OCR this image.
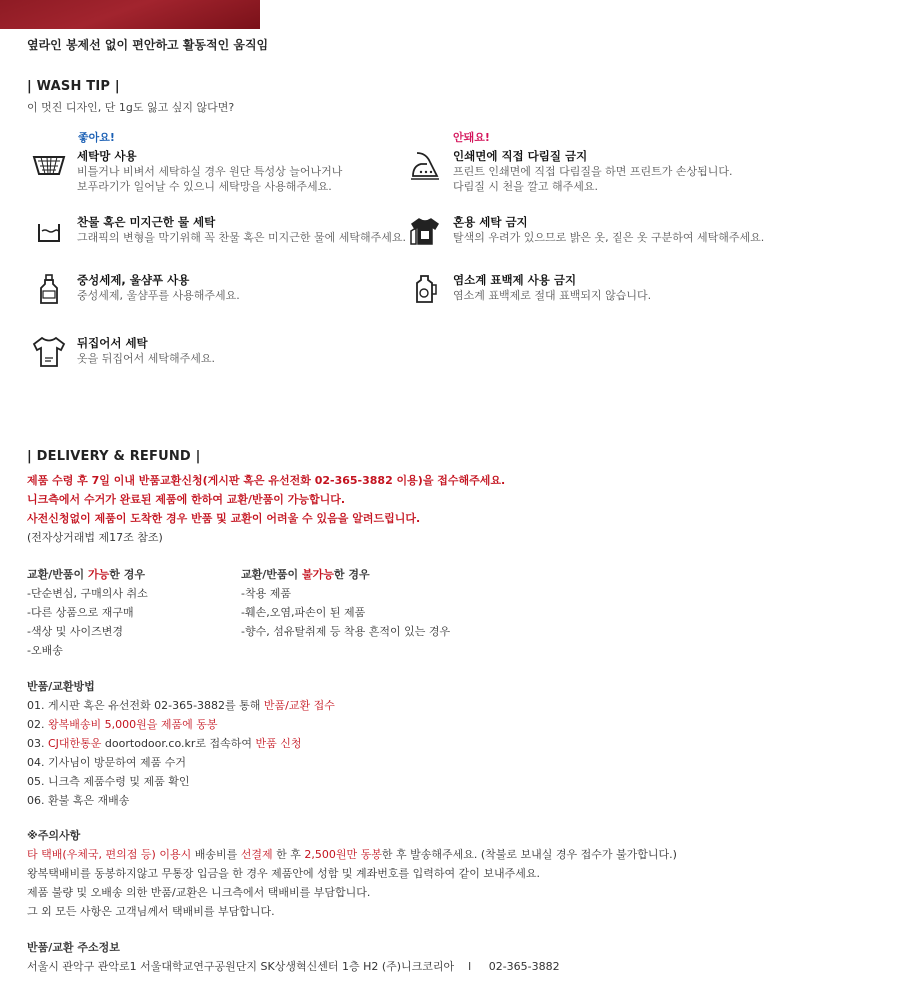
옆라인 봉제선 없이 편안하고 활동적인 움직임
| WASH TIP |
이 멋진 디자인, 단 1g도 잃고 싶지 않다면?
좋아요!	안돼요!
세탁망 사용
비틀거나 비벼서 세탁하실 경우 원단 특성상 늘어나거나
보푸라기가 일어날 수 있으니 세탁망을 사용해주세요.
찬물 혹은 미지근한 물 세탁
그래픽의 변형을 막기위해 꼭 찬물 혹은 미지근한 물에 세탁해주세요.
중성세제, 울샴푸 사용
중성세제, 울샴푸를 사용해주세요.
뒤집어서 세탁
옷을 뒤집어서 세탁해주세요.
인쇄면에 직접 다림질 금지
프린트 인쇄면에 직접 다림질을 하면 프린트가 손상됩니다.
다림질 시 천을 깔고 해주세요.
혼용 세탁 금지
탈색의 우려가 있으므로 밝은 옷, 짙은 옷 구분하여 세탁해주세요.
염소계 표백제 사용 금지
염소계 표백제로 절대 표백되지 않습니다.
| DELIVERY & REFUND |
제품 수령 후 7일 이내 반품교환신청(게시판 혹은 유선전화 02-365-3882 이용)을 접수해주세요.
니크측에서 수거가 완료된 제품에 한하여 교환/반품이 가능합니다.
사전신청없이 제품이 도착한 경우 반품 및 교환이 어려울 수 있음을 알려드립니다.
(전자상거래법 제17조 참조)
교환/반품이 가능한 경우
-단순변심, 구매의사 취소
-다른 상품으로 재구매
-색상 및 사이즈변경
-오배송
교환/반품이 불가능한 경우
-착용 제품
-훼손,오염,파손이 된 제품
-향수, 섬유탈취제 등 착용 흔적이 있는 경우
반품/교환방법
01. 게시판 혹은 유선전화 02-365-3882를 통해 반품/교환 접수
02. 왕복배송비 5,000원을 제품에 동봉
03. CJ대한통운 doortodoor.co.kr로 접속하여 반품 신청
04. 기사님이 방문하여 제품 수거
05. 니크측 제품수령 및 제품 확인
06. 환불 혹은 재배송
※주의사항
타 택배(우체국, 편의점 등) 이용시 배송비를 선결제 한 후 2,500원만 동봉한 후 발송해주세요. (착불로 보내실 경우 접수가 불가합니다.)
왕복택배비를 동봉하지않고 무통장 입금을 한 경우 제품안에 성함 및 계좌번호를 입력하여 같이 보내주세요.
제품 불량 및 오배송 의한 반품/교환은 니크측에서 택배비를 부담합니다.
그 외 모든 사항은 고객님께서 택배비를 부담합니다.
반품/교환 주소정보
서울시 관악구 관악로1 서울대학교연구공원단지 SK상생혁신센터 1층 H2 (주)니크코리아    l     02-365-3882
